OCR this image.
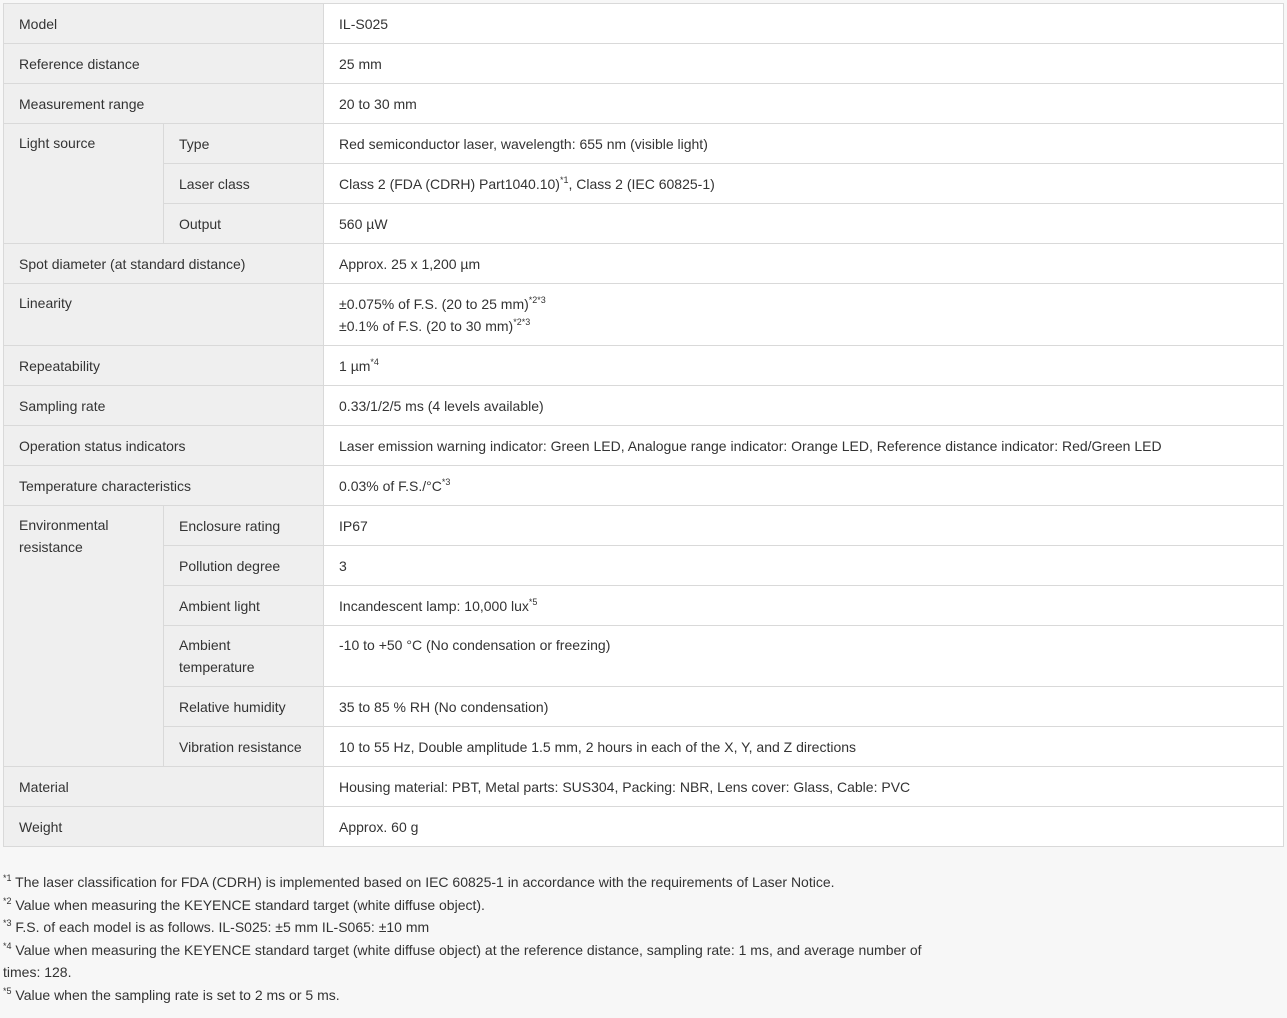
Model		IL-S025
Reference distance		25 mm
Measurement range		20 to 30 mm
Light source	Type	Red semiconductor laser, wavelength: 655 nm (visible light)
	Laser class	Class 2 (FDA (CDRH) Part1040.10)$^{*1}$, Class 2 (IEC 60825-1)
	Output	560 µW
Spot diameter (at standard distance)		Approx. 25 x 1,200 µm
Linearity		±0.075% of F.S. (20 to 25 mm)$^{*2*3}$
±0.1% of F.S. (20 to 30 mm)$^{*2*3}$

Repeatability		1 µm$^{*4}$
Sampling rate		0.33/1/2/5 ms (4 levels available)
Operation status indicators		Laser emission warning indicator: Green LED, Analogue range indicator: Orange LED, Reference distance indicator: Red/Green LED
Temperature characteristics		0.03% of $F.S./^\circ C^{*3}$
Environmental resistance	Enclosure rating	IP67
	Pollution degree	3
	Ambient light	Incandescent lamp: 10,000 lux$^{*5}$
	Ambient temperature	-10 to +50 °C (No condensation or freezing)
	Relative humidity	35 to 85 % RH (No condensation)
	Vibration resistance	10 to 55 Hz, Double amplitude 1.5 mm, 2 hours in each of the X, Y, and Z directions
Material		Housing material: PBT, Metal parts: SUS304, Packing: NBR, Lens cover: Glass, Cable: PVC
Weight		Approx. 60 g

$^{*1}$ The laser classification for FDA (CDRH) is implemented based on IEC 60825-1 in accordance with the requirements of Laser Notice.

$^{*2}$ Value when measuring the KEYENCE standard target (white diffuse object).

$^{*3}$ F.S. of each model is as follows. IL-S025: ±5 mm IL-S065: ±10 mm

$^{*4}$ Value when measuring the KEYENCE standard target (white diffuse object) at the reference distance, sampling rate: 1 ms, and average number of times: 128.

$^{*5}$ Value when the sampling rate is set to 2 ms or 5 ms.
